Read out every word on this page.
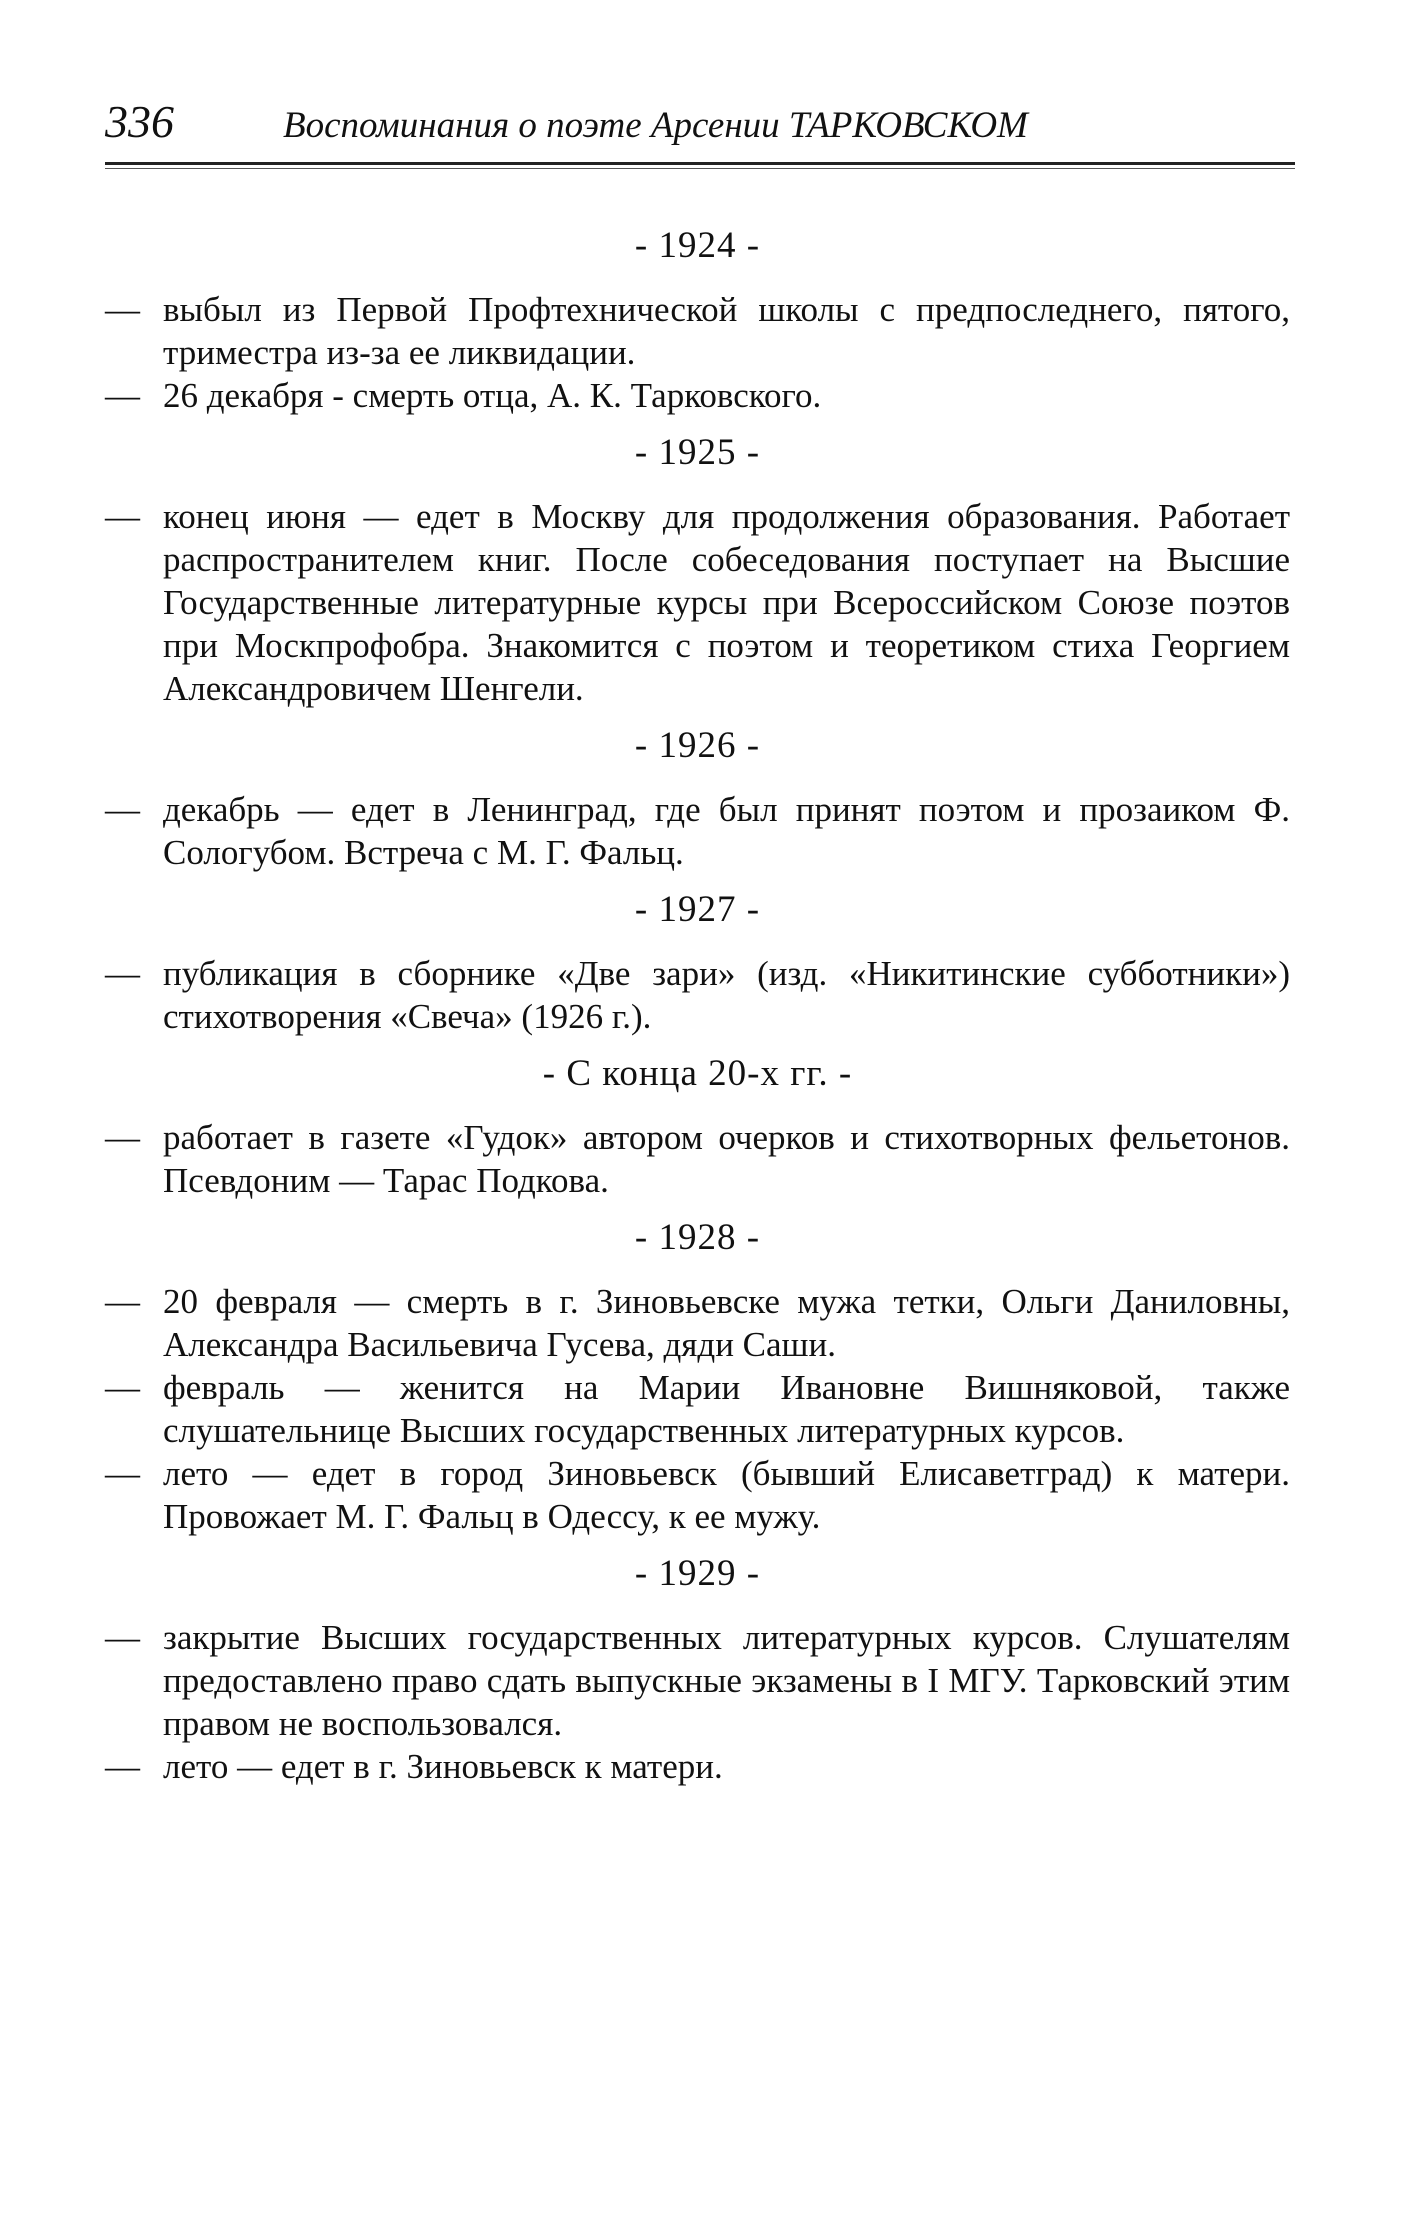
336	Воспоминания о поэте Арсении ТАРКОВСКОМ
- 1924 -

— выбыл из Первой Профтехнической школы с предпоследнего, пятого, триместра из-за ее ликвидации.

— 26 декабря - смерть отца, А. К. Тарковского.

- 1925 -

— конец июня — едет в Москву для продолжения образования. Работает распространителем книг. После собеседования поступает на Высшие Государственные литературные курсы при Всероссийском Союзе поэтов при Москпрофобра. Знакомится с поэтом и теоретиком стиха Георгием Александровичем Шенгели.

- 1926 -

— декабрь — едет в Ленинград, где был принят поэтом и прозаиком Ф. Сологубом. Встреча с М. Г. Фальц.

- 1927 -

— публикация в сборнике «Две зари» (изд. «Никитинские субботники») стихотворения «Свеча» (1926 г.).

- С конца 20-х гг. -

— работает в газете «Гудок» автором очерков и стихотворных фельетонов. Псевдоним — Тарас Подкова.

- 1928 -

— 20 февраля — смерть в г. Зиновьевске мужа тетки, Ольги Даниловны, Александра Васильевича Гусева, дяди Саши.

— февраль — женится на Марии Ивановне Вишняковой, также слушательнице Высших государственных литературных курсов.

— лето — едет в город Зиновьевск (бывший Елисаветград) к матери. Провожает М. Г. Фальц в Одессу, к ее мужу.

- 1929 -

— закрытие Высших государственных литературных курсов. Слушателям предоставлено право сдать выпускные экзамены в I МГУ. Тарковский этим правом не воспользовался.

— лето — едет в г. Зиновьевск к матери.
